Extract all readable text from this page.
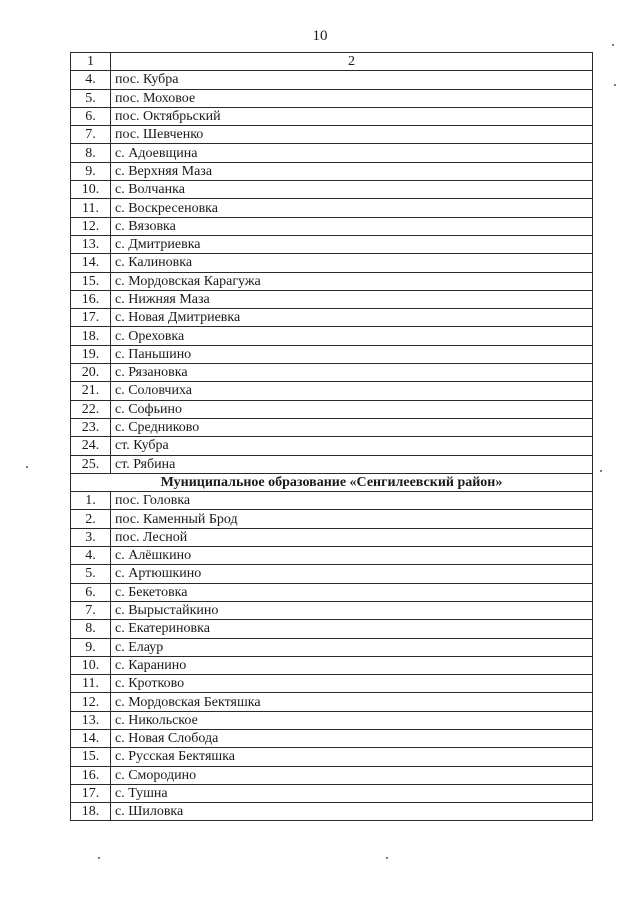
10
1	2
4.	пос. Кубра
5.	пос. Моховое
6.	пос. Октябрьский
7.	пос. Шевченко
8.	с. Адоевщина
9.	с. Верхняя Маза
10.	с. Волчанка
11.	с. Воскресеновка
12.	с. Вязовка
13.	с. Дмитриевка
14.	с. Калиновка
15.	с. Мордовская Карагужа
16.	с. Нижняя Маза
17.	с. Новая Дмитриевка
18.	с. Ореховка
19.	с. Паньшино
20.	с. Рязановка
21.	с. Соловчиха
22.	с. Софьино
23.	с. Средниково
24.	ст. Кубра
25.	ст. Рябина
Муниципальное образование «Сенгилеевский район»	
1.	пос. Головка
2.	пос. Каменный Брод
3.	пос. Лесной
4.	с. Алёшкино
5.	с. Артюшкино
6.	с. Бекетовка
7.	с. Вырыстайкино
8.	с. Екатериновка
9.	с. Елаур
10.	с. Каранино
11.	с. Кротково
12.	с. Мордовская Бектяшка
13.	с. Никольское
14.	с. Новая Слобода
15.	с. Русская Бектяшка
16.	с. Смородино
17.	с. Тушна
18.	с. Шиловка
